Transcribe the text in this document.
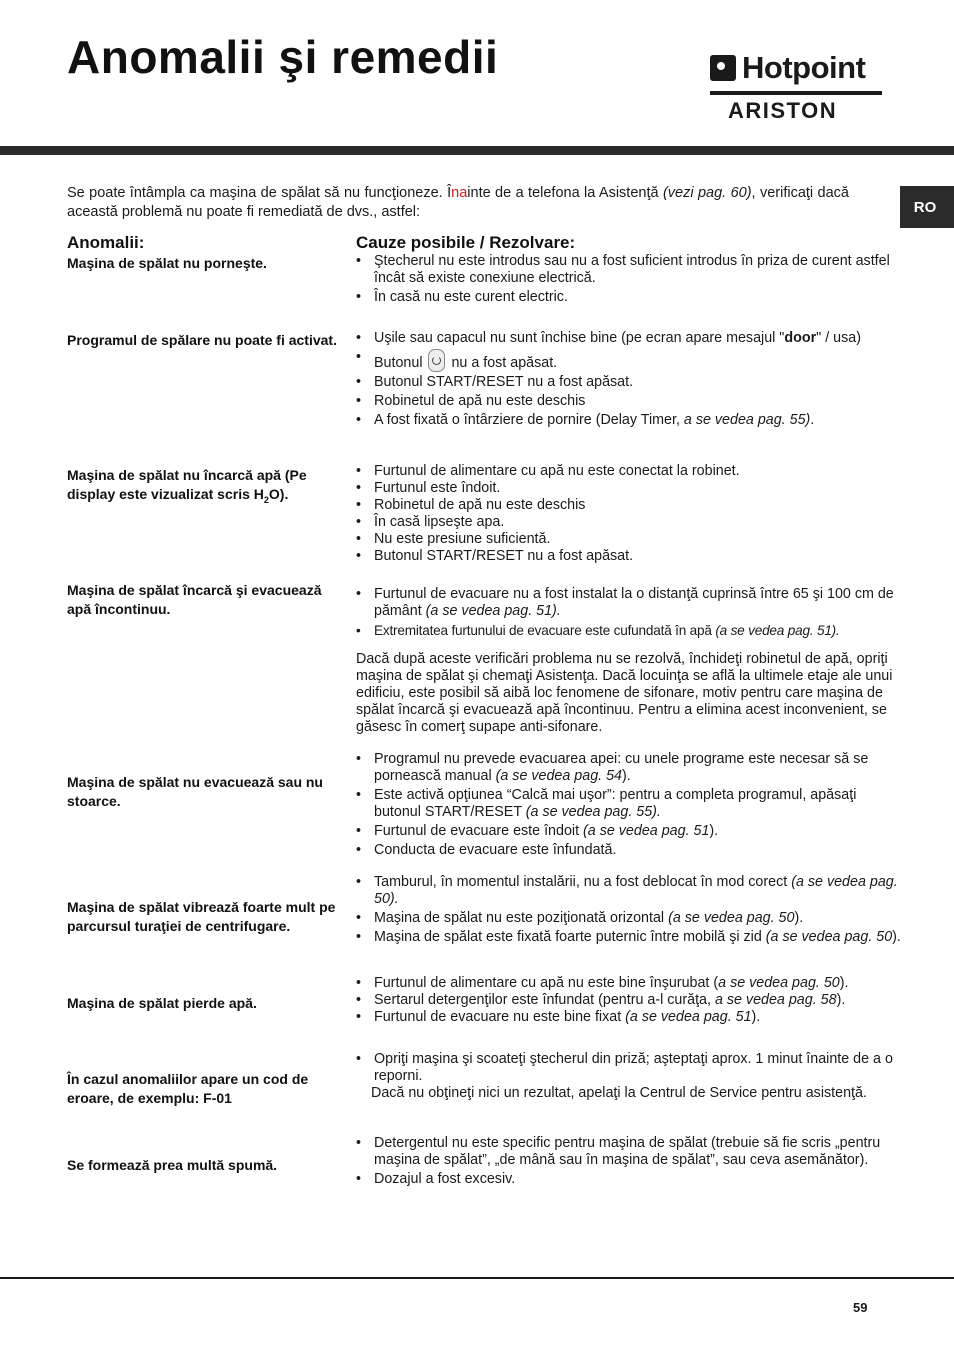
Anomalii şi remedii	Hotpoint
ARISTON
RO
Se poate întâmpla ca maşina de spălat să nu funcţioneze. Înainte de a telefona la Asistenţă (vezi pag. 60), verificaţi dacă această problemă nu poate fi remediată de dvs., astfel:
Anomalii:	Cauze posibile / Rezolvare:
Maşina de spălat nu porneşte.	• Ştecherul nu este introdus sau nu a fost suficient introdus în priza de curent astfel încât să existe conexiune electrică.
• În casă nu este curent electric.
Programul de spălare nu poate fi activat.	• Uşile sau capacul nu sunt închise bine (pe ecran apare mesajul "door" / usa)
• Butonul  nu a fost apăsat.
• Butonul START/RESET nu a fost apăsat.
• Robinetul de apă nu este deschis
• A fost fixată o întârziere de pornire (Delay Timer, a se vedea pag. 55).
Maşina de spălat nu încarcă apă (Pe display este vizualizat scris $H_2O$).
• Furtunul de alimentare cu apă nu este conectat la robinet.
• Furtunul este îndoit.
• Robinetul de apă nu este deschis
• În casă lipseşte apa.
• Nu este presiune suficientă.
• Butonul START/RESET nu a fost apăsat.
Maşina de spălat încarcă şi evacuează apă încontinuu.
• Furtunul de evacuare nu a fost instalat la o distanţă cuprinsă între 65 şi 100 cm de pământ (a se vedea pag. 51).
• Extremitatea furtunului de evacuare este cufundată în apă (a se vedea pag. 51).
Dacă după aceste verificări problema nu se rezolvă, închideţi robinetul de apă, opriţi maşina de spălat şi chemaţi Asistenţa. Dacă locuinţa se află la ultimele etaje ale unui edificiu, este posibil să aibă loc fenomene de sifonare, motiv pentru care maşina de spălat încarcă şi evacuează apă încontinuu. Pentru a elimina acest inconvenient, se găsesc în comerţ supape anti-sifonare.
Maşina de spălat nu evacuează sau nu stoarce.
• Programul nu prevede evacuarea apei: cu unele programe este necesar să se pornească manual (a se vedea pag. 54).
• Este activă opţiunea “Calcă mai uşor”: pentru a completa programul, apăsaţi butonul START/RESET (a se vedea pag. 55).
• Furtunul de evacuare este îndoit (a se vedea pag. 51).
• Conducta de evacuare este înfundată.
Maşina de spălat vibrează foarte mult pe parcursul turaţiei de centrifugare.
• Tamburul, în momentul instalării, nu a fost deblocat în mod corect (a se vedea pag. 50).
• Maşina de spălat nu este poziţionată orizontal (a se vedea pag. 50).
• Maşina de spălat este fixată foarte puternic între mobilă şi zid (a se vedea pag. 50).
Maşina de spălat pierde apă.
• Furtunul de alimentare cu apă nu este bine înşurubat (a se vedea pag. 50).
• Sertarul detergenţilor este înfundat (pentru a-l curăţa, a se vedea pag. 58).
• Furtunul de evacuare nu este bine fixat (a se vedea pag. 51).
În cazul anomaliilor apare un cod de eroare, de exemplu: F-01
• Opriţi maşina şi scoateţi ştecherul din priză; aşteptaţi aprox. 1 minut înainte de a o reporni.
Dacă nu obţineţi nici un rezultat, apelaţi la Centrul de Service pentru asistenţă.
Se formează prea multă spumă.
• Detergentul nu este specific pentru maşina de spălat (trebuie să fie scris „pentru maşina de spălat”, „de mână sau în maşina de spălat”, sau ceva asemănător).
• Dozajul a fost excesiv.
59
